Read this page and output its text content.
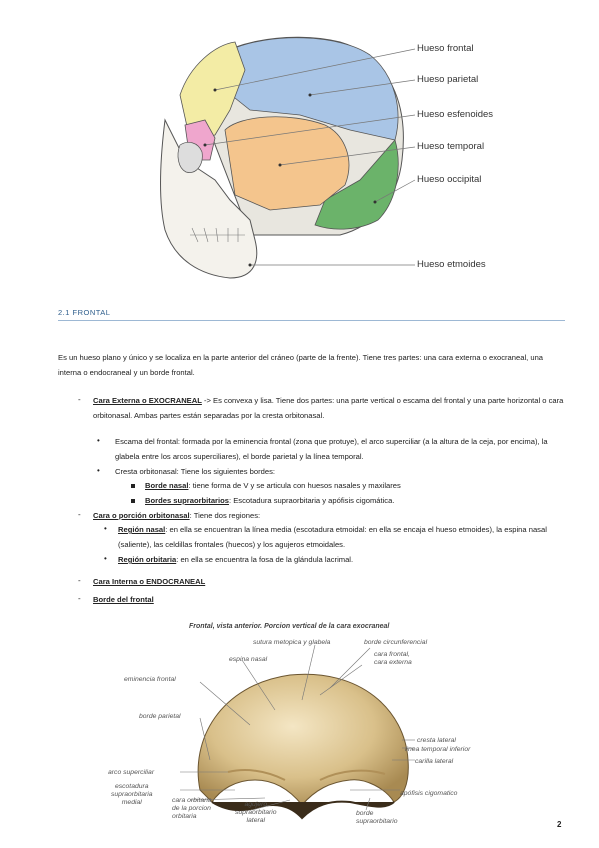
Hueso frontal
Hueso parietal
Hueso esfenoides
Hueso temporal
Hueso occipital
Hueso etmoides
2.1 FRONTAL
Es un hueso plano y único y se localiza en la parte anterior del cráneo (parte de la frente). Tiene tres partes: una cara externa o exocraneal, una interna o endocraneal y un borde frontal.
- Cara Externa o EXOCRANEAL -> Es convexa y lisa. Tiene dos partes: una parte vertical o escama del frontal y una parte horizontal o cara orbitonasal. Ambas partes están separadas por la cresta orbitonasal.
• Escama del frontal: formada por la eminencia frontal (zona que protuye), el arco superciliar (a la altura de la ceja, por encima), la glabela entre los arcos superciliares), el borde parietal y la línea temporal.
• Cresta orbitonasal: Tiene los siguientes bordes:
Borde nasal: tiene forma de V y se articula con huesos nasales y maxilares
Bordes supraorbitarios: Escotadura supraorbitaria y apófisis cigomática.
- Cara o porción orbitonasal: Tiene dos regiones:
• Región nasal: en ella se encuentran la línea media (escotadura etmoidal: en ella se encaja el hueso etmoides), la espina nasal (saliente), las celdillas frontales (huecos) y los agujeros etmoidales.
• Región orbitaria: en ella se encuentra la fosa de la glándula lacrimal.
- Cara Interna o ENDOCRANEAL
- Borde del frontal
Frontal, vista anterior. Porcion vertical de la cara exocraneal
sutura metopica y glabela	borde circunferencial
espina nasal
cara frontal,
cara externa
eminencia frontal
borde parietal
cresta lateral
linea temporal inferior
carilla lateral
arco superciliar
escotadura
supraorbitaria
medial	cara orbitaria
de la porcion
orbitaria
agujero
supraorbitario
lateral
apófisis cigomatico
borde
supraorbitario	2
